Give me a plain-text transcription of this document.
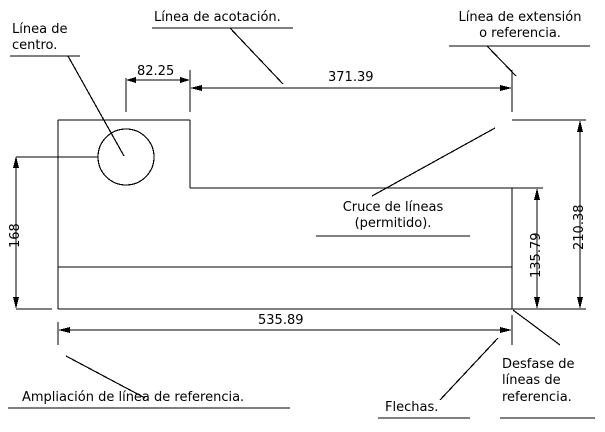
82.25	371.39
535.89
168	135.79
210.38
Línea de acotación.	Línea de extensión
o referencia.
Línea de
centro.
Cruce de líneas
(permitido).
Desfase de
líneas de
referencia.
Ampliación de línea de referencia.
Flechas.
